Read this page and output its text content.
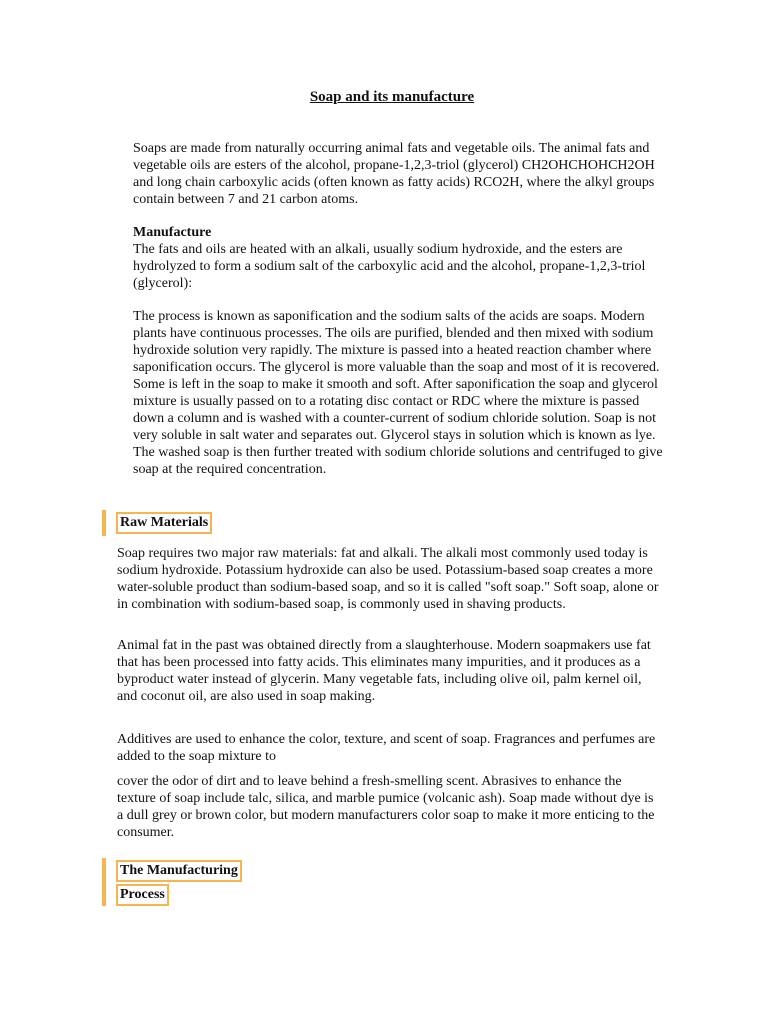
Soap and its manufacture

Soaps are made from naturally occurring animal fats and vegetable oils. The animal fats and vegetable oils are esters of the alcohol, propane-1,2,3-triol (glycerol) CH2OHCHOHCH2OH and long chain carboxylic acids (often known as fatty acids) RCO2H, where the alkyl groups contain between 7 and 21 carbon atoms.

Manufacture

The fats and oils are heated with an alkali, usually sodium hydroxide, and the esters are hydrolyzed to form a sodium salt of the carboxylic acid and the alcohol, propane-1,2,3-triol (glycerol):

The process is known as saponification and the sodium salts of the acids are soaps. Modern plants have continuous processes. The oils are purified, blended and then mixed with sodium hydroxide solution very rapidly. The mixture is passed into a heated reaction chamber where saponification occurs. The glycerol is more valuable than the soap and most of it is recovered. Some is left in the soap to make it smooth and soft. After saponification the soap and glycerol mixture is usually passed on to a rotating disc contact or RDC where the mixture is passed down a column and is washed with a counter-current of sodium chloride solution. Soap is not very soluble in salt water and separates out. Glycerol stays in solution which is known as lye. The washed soap is then further treated with sodium chloride solutions and centrifuged to give soap at the required concentration.

Raw Materials

Soap requires two major raw materials: fat and alkali. The alkali most commonly used today is sodium hydroxide. Potassium hydroxide can also be used. Potassium-based soap creates a more water-soluble product than sodium-based soap, and so it is called "soft soap." Soft soap, alone or in combination with sodium-based soap, is commonly used in shaving products.

Animal fat in the past was obtained directly from a slaughterhouse. Modern soapmakers use fat that has been processed into fatty acids. This eliminates many impurities, and it produces as a byproduct water instead of glycerin. Many vegetable fats, including olive oil, palm kernel oil, and coconut oil, are also used in soap making.

Additives are used to enhance the color, texture, and scent of soap. Fragrances and perfumes are added to the soap mixture to

cover the odor of dirt and to leave behind a fresh-smelling scent. Abrasives to enhance the texture of soap include talc, silica, and marble pumice (volcanic ash). Soap made without dye is a dull grey or brown color, but modern manufacturers color soap to make it more enticing to the consumer.

The Manufacturing
Process
